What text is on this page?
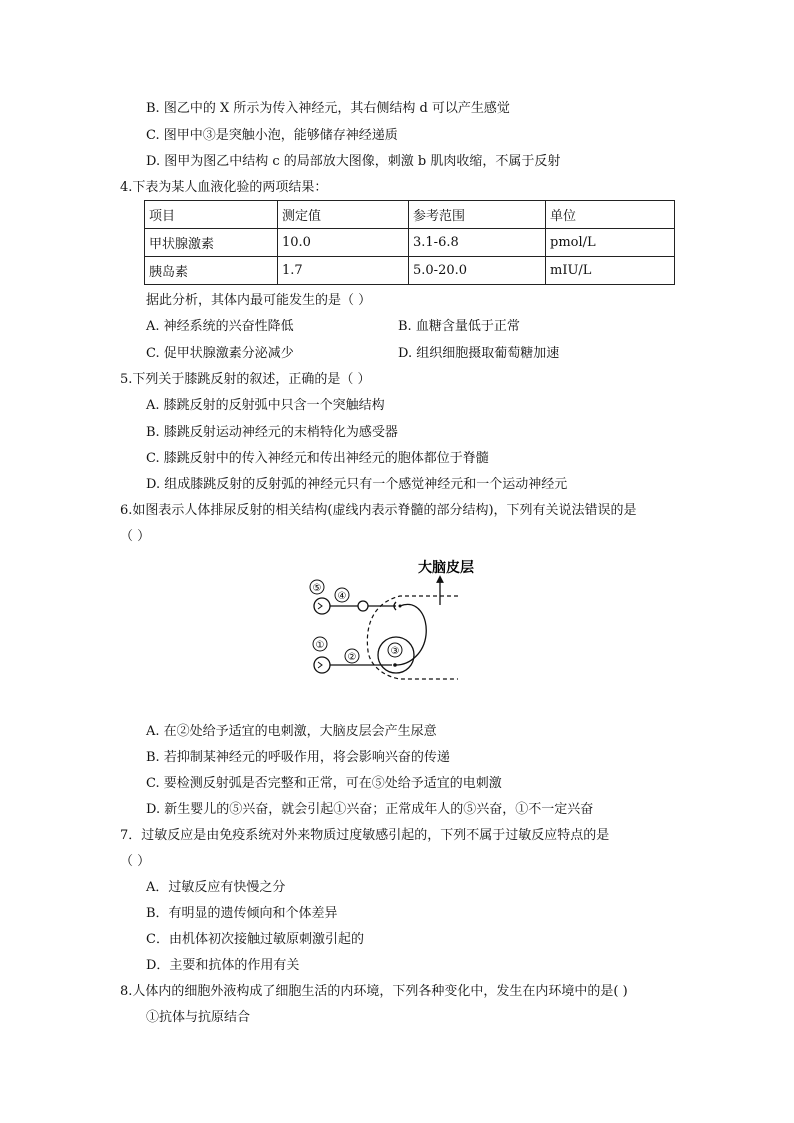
B. 图乙中的 X 所示为传入神经元，其右侧结构 d 可以产生感觉
C. 图甲中③是突触小泡，能够储存神经递质
D. 图甲为图乙中结构 c 的局部放大图像，刺激 b 肌肉收缩，不属于反射
4.下表为某人血液化验的两项结果：
项目	测定值	参考范围	单位
甲状腺激素	10.0	3.1-6.8	pmol/L
胰岛素	1.7	5.0-20.0	mIU/L
据此分析，其体内最可能发生的是（ ）
A. 神经系统的兴奋性降低	B. 血糖含量低于正常
C. 促甲状腺激素分泌减少	D. 组织细胞摄取葡萄糖加速
5.下列关于膝跳反射的叙述，正确的是（ ）
A. 膝跳反射的反射弧中只含一个突触结构
B. 膝跳反射运动神经元的末梢特化为感受器
C. 膝跳反射中的传入神经元和传出神经元的胞体都位于脊髓
D. 组成膝跳反射的反射弧的神经元只有一个感觉神经元和一个运动神经元
6.如图表示人体排尿反射的相关结构(虚线内表示脊髓的部分结构)，下列有关说法错误的是
（ ）
大脑皮层
⑤
④
①
②
③
A. 在②处给予适宜的电刺激，大脑皮层会产生尿意
B. 若抑制某神经元的呼吸作用，将会影响兴奋的传递
C. 要检测反射弧是否完整和正常，可在⑤处给予适宜的电刺激
D. 新生婴儿的⑤兴奋，就会引起①兴奋；正常成年人的⑤兴奋，①不一定兴奋
7．过敏反应是由免疫系统对外来物质过度敏感引起的，下列不属于过敏反应特点的是
（ ）
A．过敏反应有快慢之分
B．有明显的遗传倾向和个体差异
C．由机体初次接触过敏原刺激引起的
D．主要和抗体的作用有关
8.人体内的细胞外液构成了细胞生活的内环境，下列各种变化中，发生在内环境中的是( )
①抗体与抗原结合
